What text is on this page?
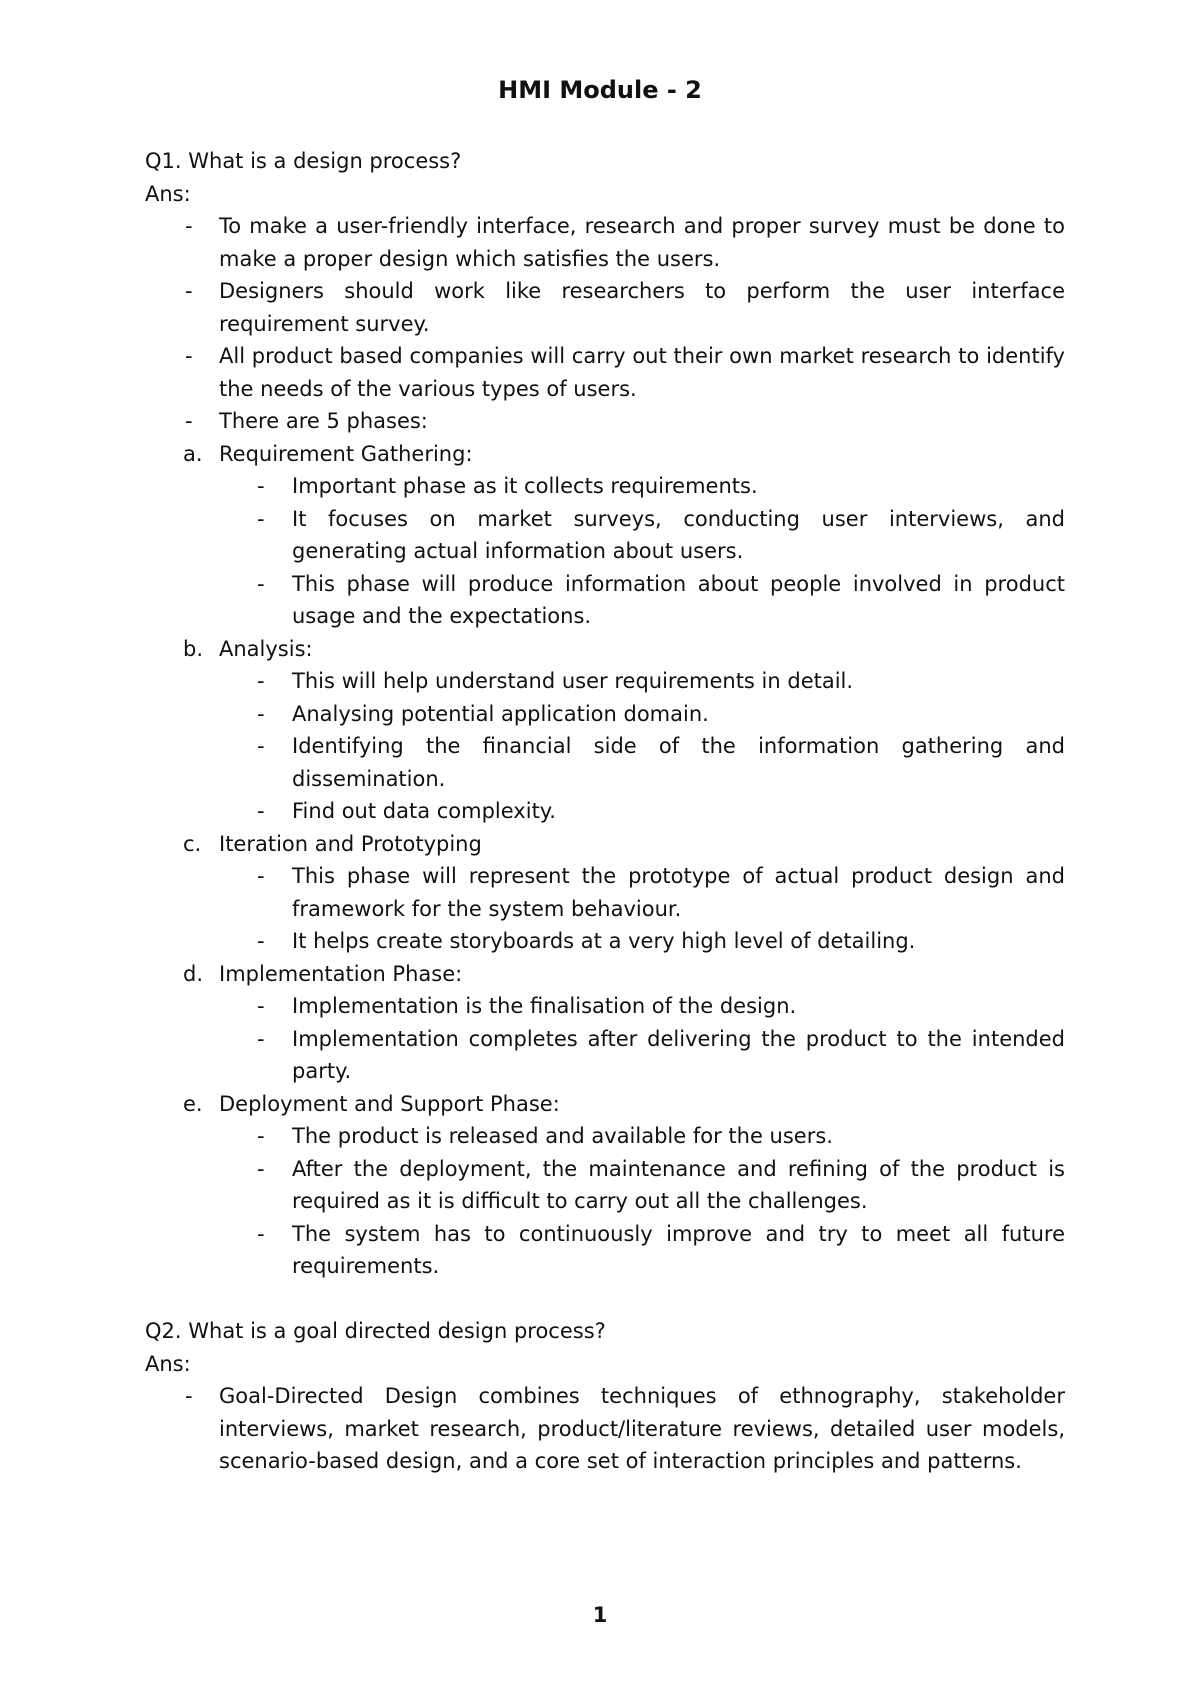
HMI Module - 2
Q1. What is a design process?
Ans:
- To make a user-friendly interface, research and proper survey must be done to make a proper design which satisfies the users.
- Designers should work like researchers to perform the user interface requirement survey.
- All product based companies will carry out their own market research to identify the needs of the various types of users.
- There are 5 phases:
a. Requirement Gathering:
- Important phase as it collects requirements.
- It focuses on market surveys, conducting user interviews, and generating actual information about users.
- This phase will produce information about people involved in product usage and the expectations.
b. Analysis:
- This will help understand user requirements in detail.
- Analysing potential application domain.
- Identifying the financial side of the information gathering and dissemination.
- Find out data complexity.
c. Iteration and Prototyping
- This phase will represent the prototype of actual product design and framework for the system behaviour.
- It helps create storyboards at a very high level of detailing.
d. Implementation Phase:
- Implementation is the finalisation of the design.
- Implementation completes after delivering the product to the intended party.
e. Deployment and Support Phase:
- The product is released and available for the users.
- After the deployment, the maintenance and refining of the product is required as it is difficult to carry out all the challenges.
- The system has to continuously improve and try to meet all future requirements.
Q2. What is a goal directed design process?
Ans:
- Goal-Directed Design combines techniques of ethnography, stakeholder interviews, market research, product/literature reviews, detailed user models, scenario-based design, and a core set of interaction principles and patterns.
1
